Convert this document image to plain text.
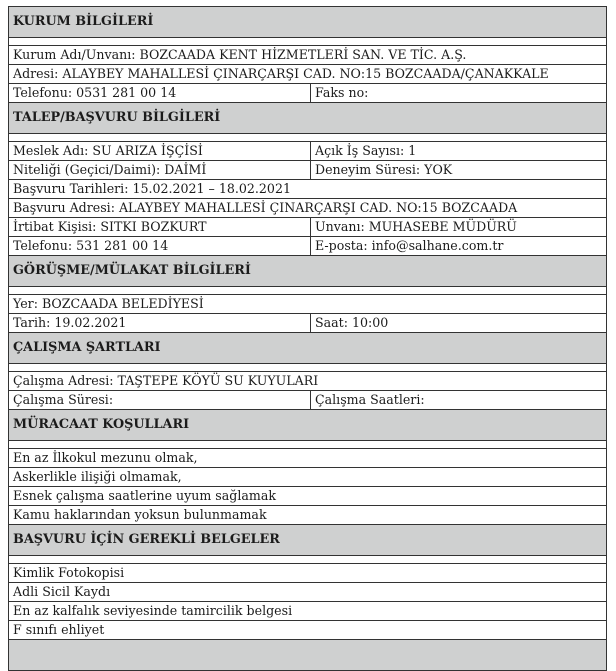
KURUM BİLGİLERİ	

Kurum Adı/Unvanı: BOZCAADA KENT HİZMETLERİ SAN. VE TİC. A.Ş.	
Adresi: ALAYBEY MAHALLESİ ÇINARÇARŞI CAD. NO:15 BOZCAADA/ÇANAKKALE	
Telefonu: 0531 281 00 14	Faks no:
TALEP/BAŞVURU BİLGİLERİ	

Meslek Adı: SU ARIZA İŞÇİSİ	Açık İş Sayısı: 1
Niteliği (Geçici/Daimi): DAİMİ	Deneyim Süresi: YOK
Başvuru Tarihleri: 15.02.2021 – 18.02.2021	
Başvuru Adresi: ALAYBEY MAHALLESİ ÇINARÇARŞI CAD. NO:15 BOZCAADA	
İrtibat Kişisi: SITKI BOZKURT	Unvanı: MUHASEBE MÜDÜRÜ
Telefonu: 531 281 00 14	E-posta: info@salhane.com.tr
GÖRÜŞME/MÜLAKAT BİLGİLERİ	

Yer: BOZCAADA BELEDİYESİ	
Tarih: 19.02.2021	Saat: 10:00
ÇALIŞMA ŞARTLARI	

Çalışma Adresi: TAŞTEPE KÖYÜ SU KUYULARI	
Çalışma Süresi:	Çalışma Saatleri:
MÜRACAAT KOŞULLARI	

En az İlkokul mezunu olmak,	
Askerlikle ilişiği olmamak,	
Esnek çalışma saatlerine uyum sağlamak	
Kamu haklarından yoksun bulunmamak	
BAŞVURU İÇİN GEREKLİ BELGELER	

Kimlik Fotokopisi	
Adli Sicil Kaydı	
En az kalfalık seviyesinde tamircilik belgesi	
F sınıfı ehliyet	
